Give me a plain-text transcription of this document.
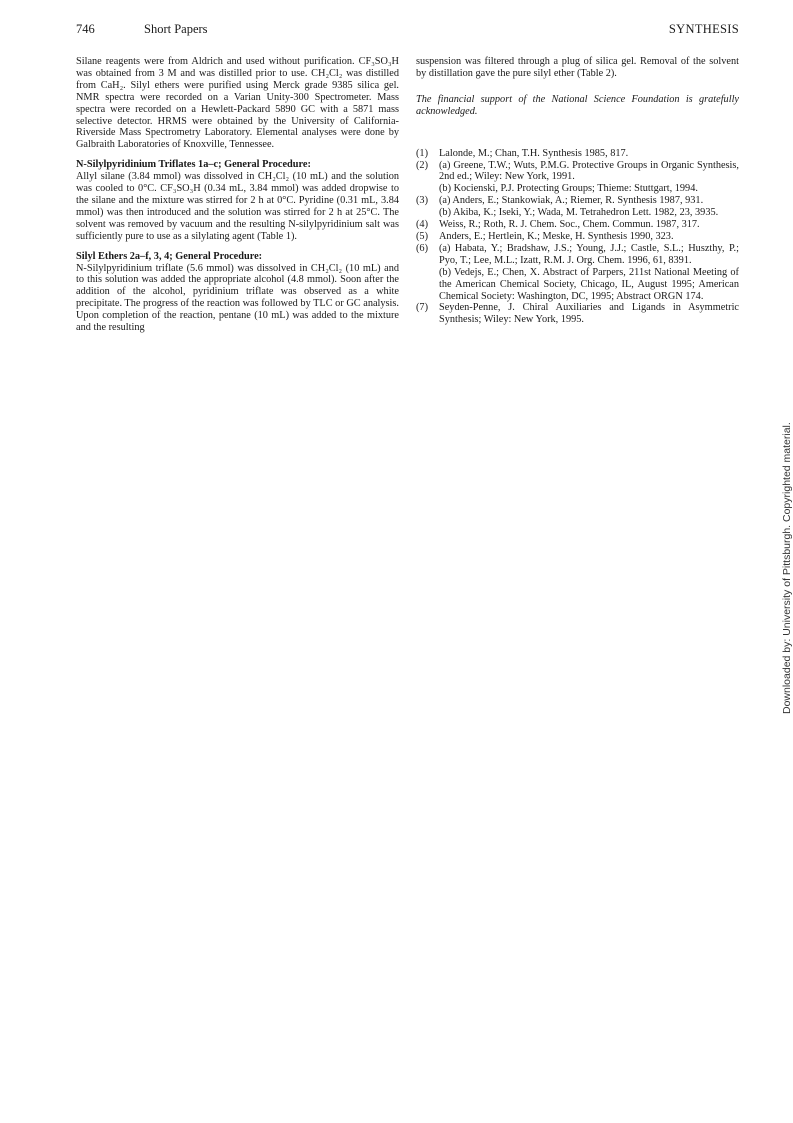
746	Short Papers	SYNTHESIS

Silane reagents were from Aldrich and used without purification. CF₃SO₃H was obtained from 3 M and was distilled prior to use. CH₂Cl₂ was distilled from CaH₂. Silyl ethers were purified using Merck grade 9385 silica gel. NMR spectra were recorded on a Varian Unity-300 Spectrometer. Mass spectra were recorded on a Hewlett-Packard 5890 GC with a 5871 mass selective detector. HRMS were obtained by the University of California-Riverside Mass Spectrometry Laboratory. Elemental analyses were done by Galbraith Laboratories of Knoxville, Tennessee.

N-Silylpyridinium Triflates 1a–c; General Procedure:

Allyl silane (3.84 mmol) was dissolved in CH₂Cl₂ (10 mL) and the solution was cooled to 0°C. CF₃SO₃H (0.34 mL, 3.84 mmol) was added dropwise to the silane and the mixture was stirred for 2 h at 0°C. Pyridine (0.31 mL, 3.84 mmol) was then introduced and the solution was stirred for 2 h at 25°C. The solvent was removed by vacuum and the resulting N-silylpyridinium salt was sufficiently pure to use as a silylating agent (Table 1).

Silyl Ethers 2a–f, 3, 4; General Procedure:

N-Silylpyridinium triflate (5.6 mmol) was dissolved in CH₂Cl₂ (10 mL) and to this solution was added the appropriate alcohol (4.8 mmol). Soon after the addition of the alcohol, pyridinium triflate was observed as a white precipitate. The progress of the reaction was followed by TLC or GC analysis. Upon completion of the reaction, pentane (10 mL) was added to the mixture and the resulting

suspension was filtered through a plug of silica gel. Removal of the solvent by distillation gave the pure silyl ether (Table 2).

The financial support of the National Science Foundation is gratefully acknowledged.

(1)	Lalonde, M.; Chan, T.H. Synthesis 1985, 817.
(2)	(a) Greene, T.W.; Wuts, P.M.G. Protective Groups in Organic Synthesis, 2nd ed.; Wiley: New York, 1991.
(b) Kocienski, P.J. Protecting Groups; Thieme: Stuttgart, 1994.
(3)	(a) Anders, E.; Stankowiak, A.; Riemer, R. Synthesis 1987, 931.
(b) Akiba, K.; Iseki, Y.; Wada, M. Tetrahedron Lett. 1982, 23, 3935.
(4)	Weiss, R.; Roth, R. J. Chem. Soc., Chem. Commun. 1987, 317.
(5)	Anders, E.; Hertlein, K.; Meske, H. Synthesis 1990, 323.
(6)	(a) Habata, Y.; Bradshaw, J.S.; Young, J.J.; Castle, S.L.; Huszthy, P.; Pyo, T.; Lee, M.L.; Izatt, R.M. J. Org. Chem. 1996, 61, 8391.
(b) Vedejs, E.; Chen, X. Abstract of Parpers, 211st National Meeting of the American Chemical Society, Chicago, IL, August 1995; American Chemical Society: Washington, DC, 1995; Abstract ORGN 174.
(7)	Seyden-Penne, J. Chiral Auxiliaries and Ligands in Asymmetric Synthesis; Wiley: New York, 1995.
Downloaded by: University of Pittsburgh. Copyrighted material.
